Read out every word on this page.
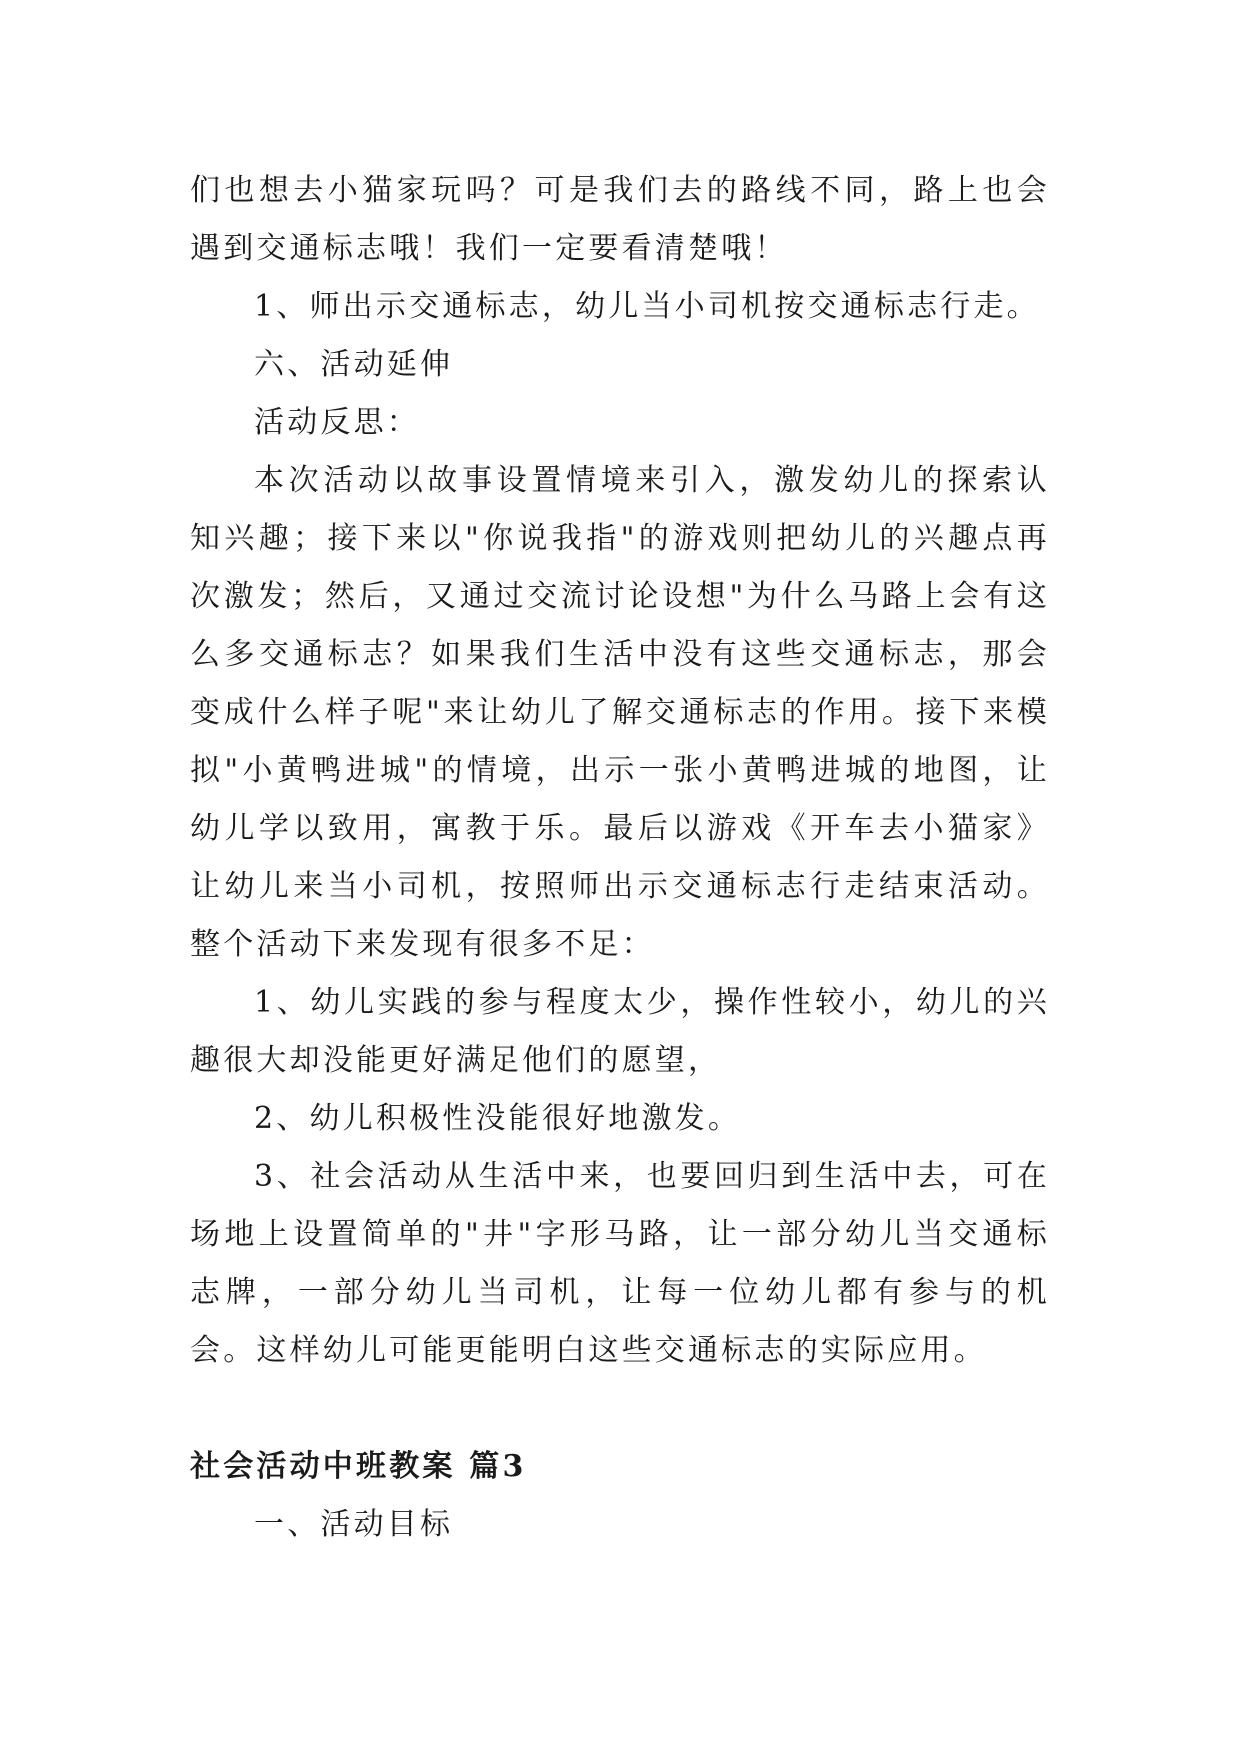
们也想去小猫家玩吗？可是我们去的路线不同，路上也会遇到交通标志哦！我们一定要看清楚哦！

1、师出示交通标志，幼儿当小司机按交通标志行走。

六、活动延伸

活动反思：

本次活动以故事设置情境来引入，激发幼儿的探索认知兴趣；接下来以"你说我指"的游戏则把幼儿的兴趣点再次激发；然后，又通过交流讨论设想"为什么马路上会有这么多交通标志？如果我们生活中没有这些交通标志，那会变成什么样子呢"来让幼儿了解交通标志的作用。接下来模拟"小黄鸭进城"的情境，出示一张小黄鸭进城的地图，让幼儿学以致用，寓教于乐。最后以游戏《开车去小猫家》让幼儿来当小司机，按照师出示交通标志行走结束活动。整个活动下来发现有很多不足：

1、幼儿实践的参与程度太少，操作性较小，幼儿的兴趣很大却没能更好满足他们的愿望，

2、幼儿积极性没能很好地激发。

3、社会活动从生活中来，也要回归到生活中去，可在场地上设置简单的"井"字形马路，让一部分幼儿当交通标志牌，一部分幼儿当司机，让每一位幼儿都有参与的机会。这样幼儿可能更能明白这些交通标志的实际应用。

社会活动中班教案 篇3

一、活动目标
